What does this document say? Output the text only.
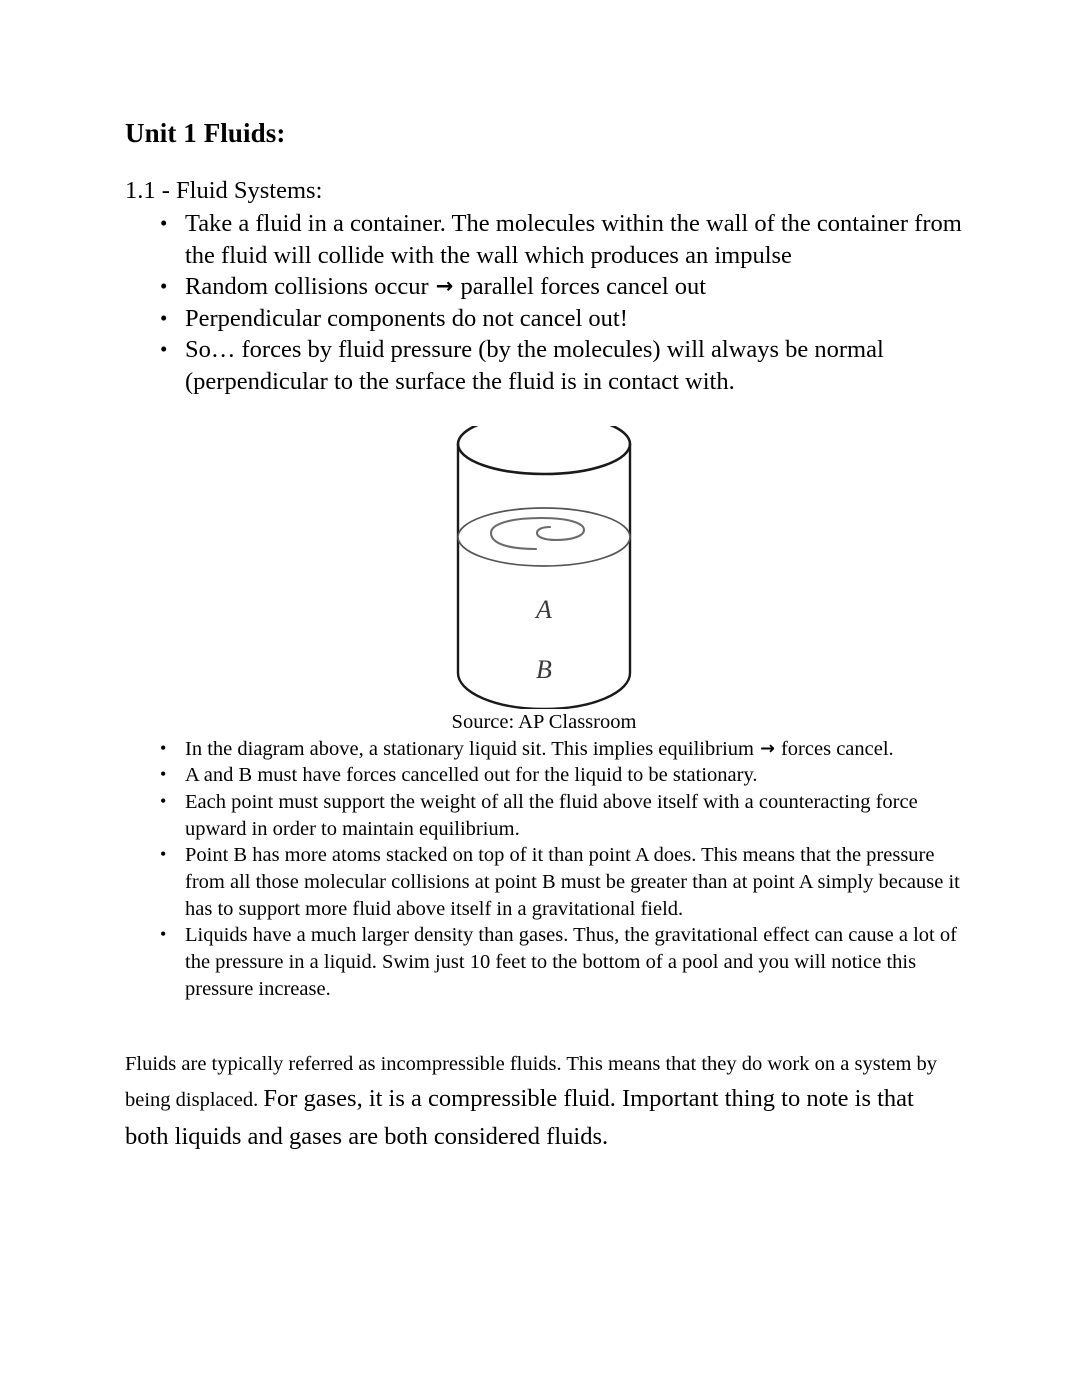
Unit 1 Fluids:
1.1 - Fluid Systems:
• Take a fluid in a container. The molecules within the wall of the container from the fluid will collide with the wall which produces an impulse
• Random collisions occur → parallel forces cancel out
• Perpendicular components do not cancel out!
• So… forces by fluid pressure (by the molecules) will always be normal (perpendicular to the surface the fluid is in contact with.
A
B
Source: AP Classroom
• In the diagram above, a stationary liquid sit. This implies equilibrium → forces cancel.
• A and B must have forces cancelled out for the liquid to be stationary.
• Each point must support the weight of all the fluid above itself with a counteracting force upward in order to maintain equilibrium.
• Point B has more atoms stacked on top of it than point A does. This means that the pressure from all those molecular collisions at point B must be greater than at point A simply because it has to support more fluid above itself in a gravitational field.
• Liquids have a much larger density than gases. Thus, the gravitational effect can cause a lot of the pressure in a liquid. Swim just 10 feet to the bottom of a pool and you will notice this pressure increase.

Fluids are typically referred as incompressible fluids. This means that they do work on a system by being displaced. For gases, it is a compressible fluid. Important thing to note is that both liquids and gases are both considered fluids.
